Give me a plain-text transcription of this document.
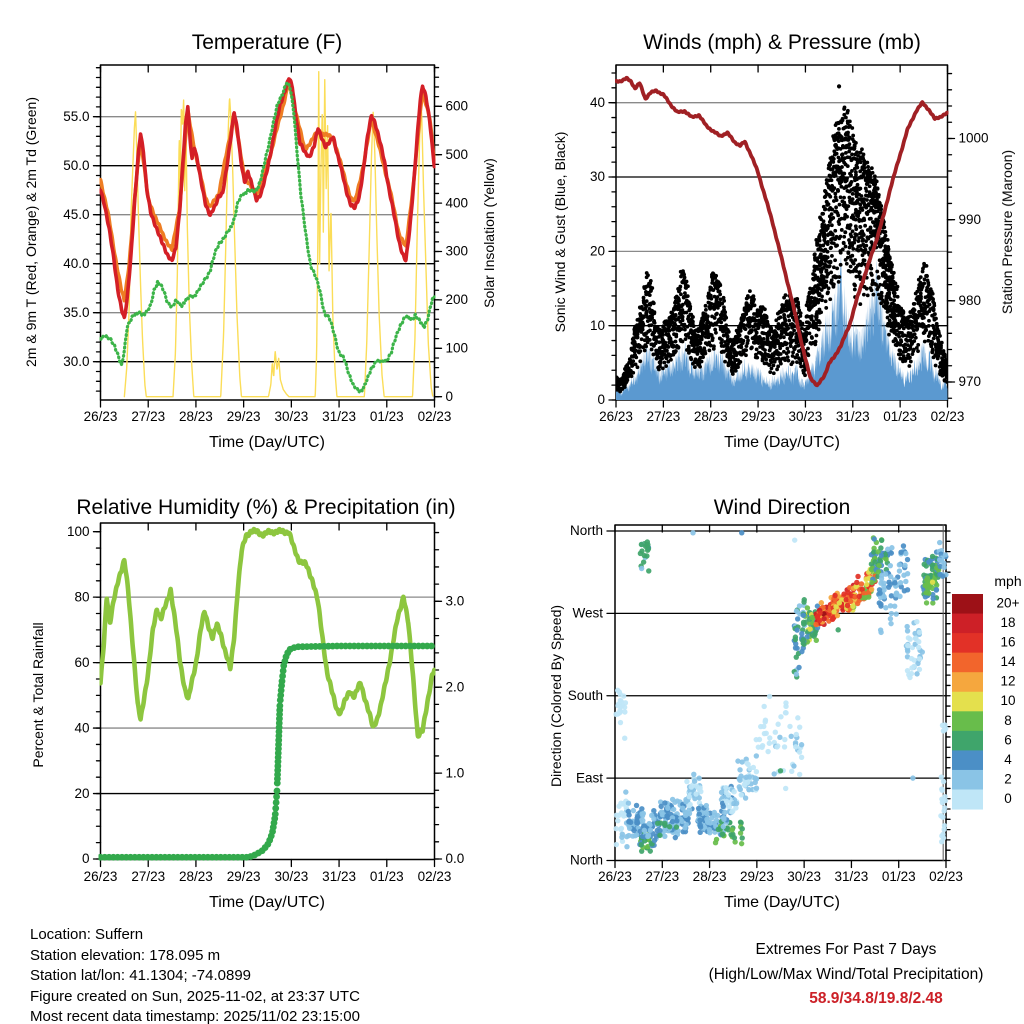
Temperature (F)	Winds (mph) & Pressure (mb)
Relative Humidity (%) & Precipitation (in)	Wind Direction
2m & 9m T (Red, Orange) & 2m Td (Green)	Solar Insolation (Yellow)	Sonic Wind & Gust (Blue, Black)	Station Pressure (Maroon)
Percent & Total Rainfall	Direction (Colored By Speed)
Time (Day/UTC)	Time (Day/UTC)
Time (Day/UTC)	Time (Day/UTC)
Location: Suffern
Station elevation: 178.095 m
Station lat/lon: 41.1304; -74.0899
Figure created on Sun, 2025-11-02, at 23:37 UTC
Most recent data timestamp: 2025/11/02 23:15:00
Extremes For Past 7 Days
(High/Low/Max Wind/Total Precipitation)
58.9/34.8/19.8/2.48
